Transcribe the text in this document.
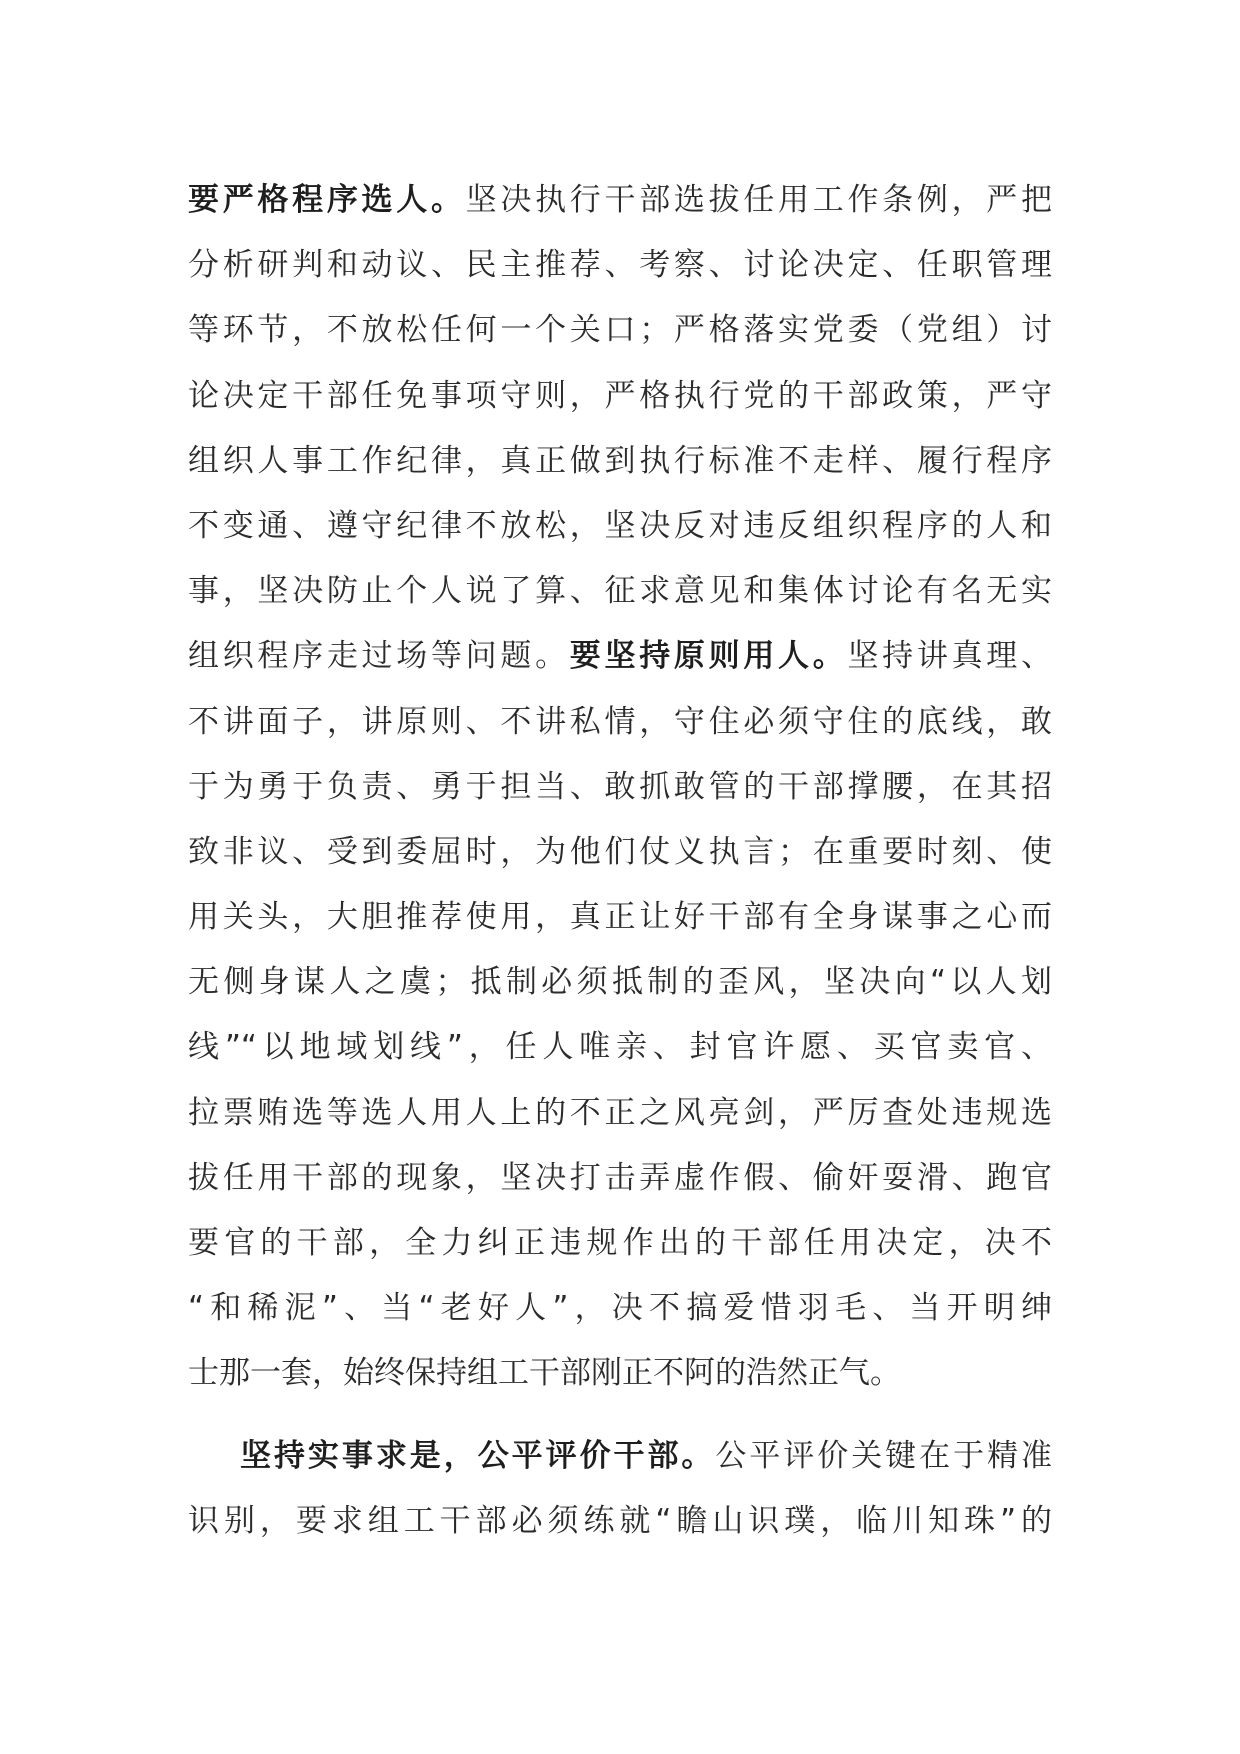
要严格程序选人。坚决执行干部选拔任用工作条例，严把
分析研判和动议、民主推荐、考察、讨论决定、任职管理
等环节，不放松任何一个关口；严格落实党委（党组）讨
论决定干部任免事项守则，严格执行党的干部政策，严守
组织人事工作纪律，真正做到执行标准不走样、履行程序
不变通、遵守纪律不放松，坚决反对违反组织程序的人和
事，坚决防止个人说了算、征求意见和集体讨论有名无实
组织程序走过场等问题。要坚持原则用人。坚持讲真理、
不讲面子，讲原则、不讲私情，守住必须守住的底线，敢
于为勇于负责、勇于担当、敢抓敢管的干部撑腰，在其招
致非议、受到委屈时，为他们仗义执言；在重要时刻、使
用关头，大胆推荐使用，真正让好干部有全身谋事之心而
无侧身谋人之虞；抵制必须抵制的歪风，坚决向“以人划
线”“以地域划线”，任人唯亲、封官许愿、买官卖官、
拉票贿选等选人用人上的不正之风亮剑，严厉查处违规选
拔任用干部的现象，坚决打击弄虚作假、偷奸耍滑、跑官
要官的干部，全力纠正违规作出的干部任用决定，决不
“和稀泥”、当“老好人”，决不搞爱惜羽毛、当开明绅
士那一套，始终保持组工干部刚正不阿的浩然正气。
坚持实事求是，公平评价干部。公平评价关键在于精准
识别，要求组工干部必须练就“瞻山识璞，临川知珠”的
